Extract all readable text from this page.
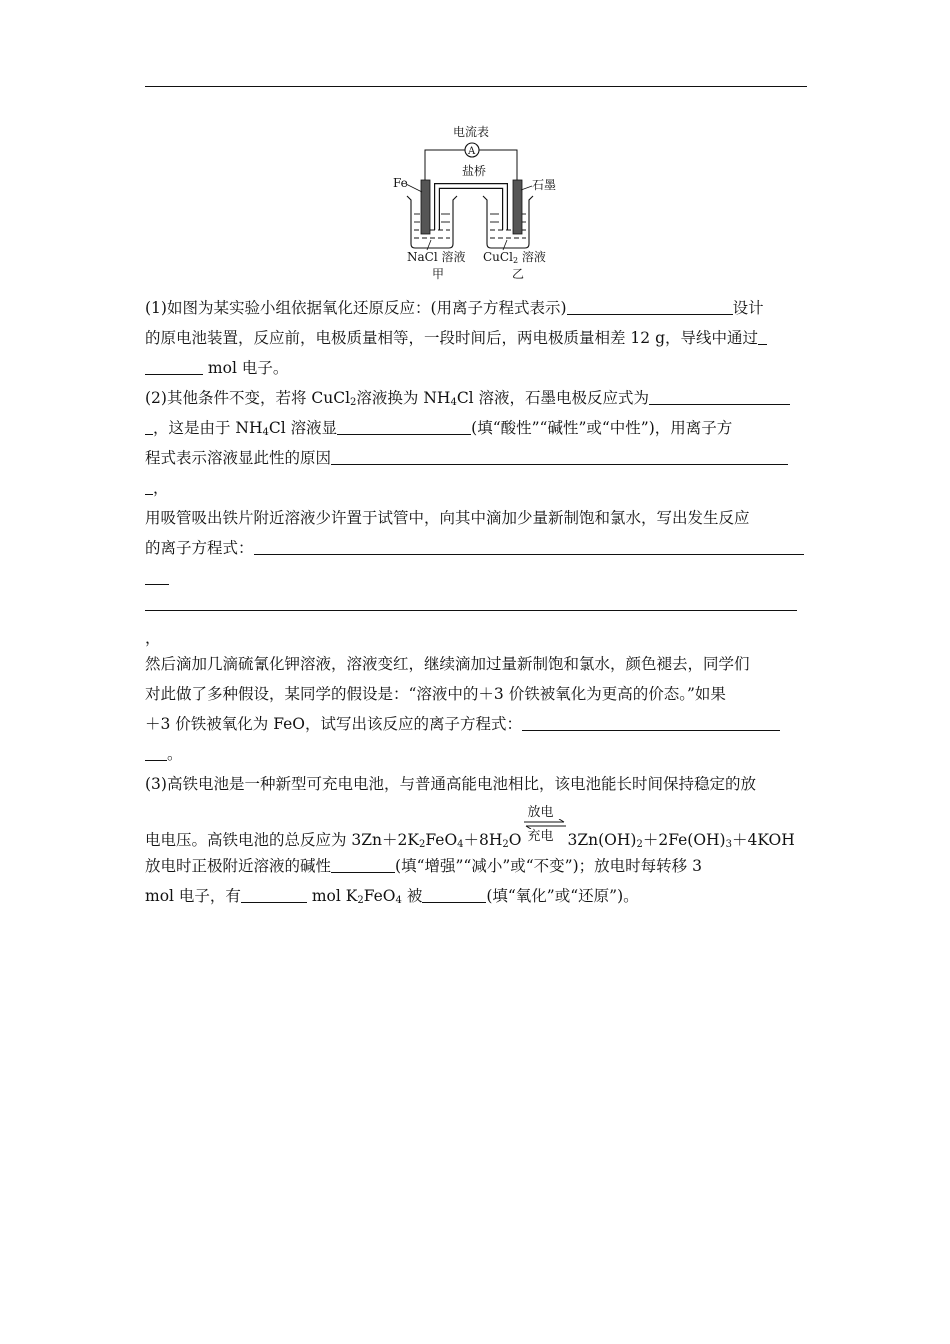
电流表
A
盐桥
Fe	石墨
NaCl 溶液
甲
CuCl2 溶液
乙
(1)如图为某实验小组依据氧化还原反应：(用离子方程式表示)	设计
的原电池装置，反应前，电极质量相等，一段时间后，两电极质量相差 12 g，导线中通过
mol 电子。
(2)其他条件不变，若将 CuCl$_2$溶液换为 $NH_4Cl$ 溶液，石墨电极反应式为
，这是由于 $NH_4Cl$ 溶液显	(填“酸性”“碱性”或“中性”)，用离子方
程式表示溶液显此性的原因
，
用吸管吸出铁片附近溶液少许置于试管中，向其中滴加少量新制饱和氯水，写出发生反应
的离子方程式：
，
然后滴加几滴硫氰化钾溶液，溶液变红，继续滴加过量新制饱和氯水，颜色褪去，同学们
对此做了多种假设，某同学的假设是：“溶液中的＋3 价铁被氧化为更高的价态。”如果
＋3 价铁被氧化为 FeO，试写出该反应的离子方程式：
。
(3)高铁电池是一种新型可充电电池，与普通高能电池相比，该电池能长时间保持稳定的放
电电压。高铁电池的总反应为 $3Zn+2K_2FeO_4+8H_2O$
放电
充电 $3Zn(OH)_2+2Fe(OH)_3+4KOH$
放电时正极附近溶液的碱性	(填“增强”“减小”或“不变”)；放电时每转移 3
mol 电子，有	mol $K_2FeO_4$ 被	(填“氧化”或“还原”)。
